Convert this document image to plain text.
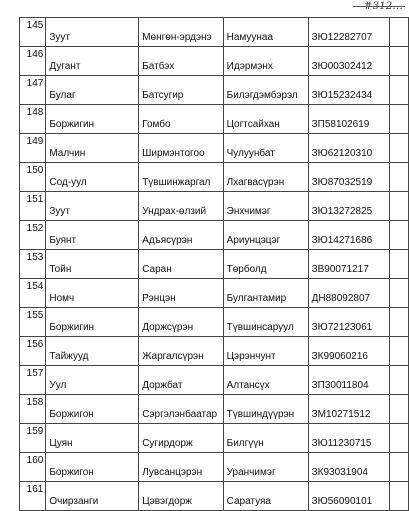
145	Зуут	Мөнгөн-эрдэнэ	Намуунаа	ЗЮ12282707	

146	Дугант	Батбэх	Идэрмэнх	ЗЮ00302412	

147	Булаг	Батсугир	Билэгдэмбэрэл	ЗЮ15232434	

148	Боржигин	Гомбо	Цогтсайхан	ЗП58102619	

149	Малчин	Ширмэнтогоо	Чулуунбат	ЗЮ62120310	

150	Сод-уул	Түвшинжаргал	Лхагвасүрэн	ЗЮ87032519	

151	Зуут	Ундрах-өлзий	Энхчимэг	ЗЮ13272825	

152	Буянт	Адъясүрэн	Ариунцэцэг	ЗЮ14271686	

153	Тойн	Саран	Төрболд	ЗВ90071217	

154	Номч	Рэнцэн	Булгантамир	ДН88092807	

155	Боржигин	Доржсүрэн	Түвшинсаруул	ЗЮ72123061	

156	Тайжууд	Жаргалсүрэн	Цэрэнчунт	ЗК99060216	

157	Уул	Доржбат	Алтансүх	ЗП30011804	

158	Боржигон	Сэргэлэнбаатар	Түвшиндүүрэн	ЗМ10271512	

159	Цуян	Сугирдорж	Билгүүн	ЗЮ11230715	

160	Боржигон	Лувсанцэрэн	Уранчимэг	ЗК93031904	

161	Очирзанги	Цэвэгдорж	Саратуяа	ЗЮ56090101	
